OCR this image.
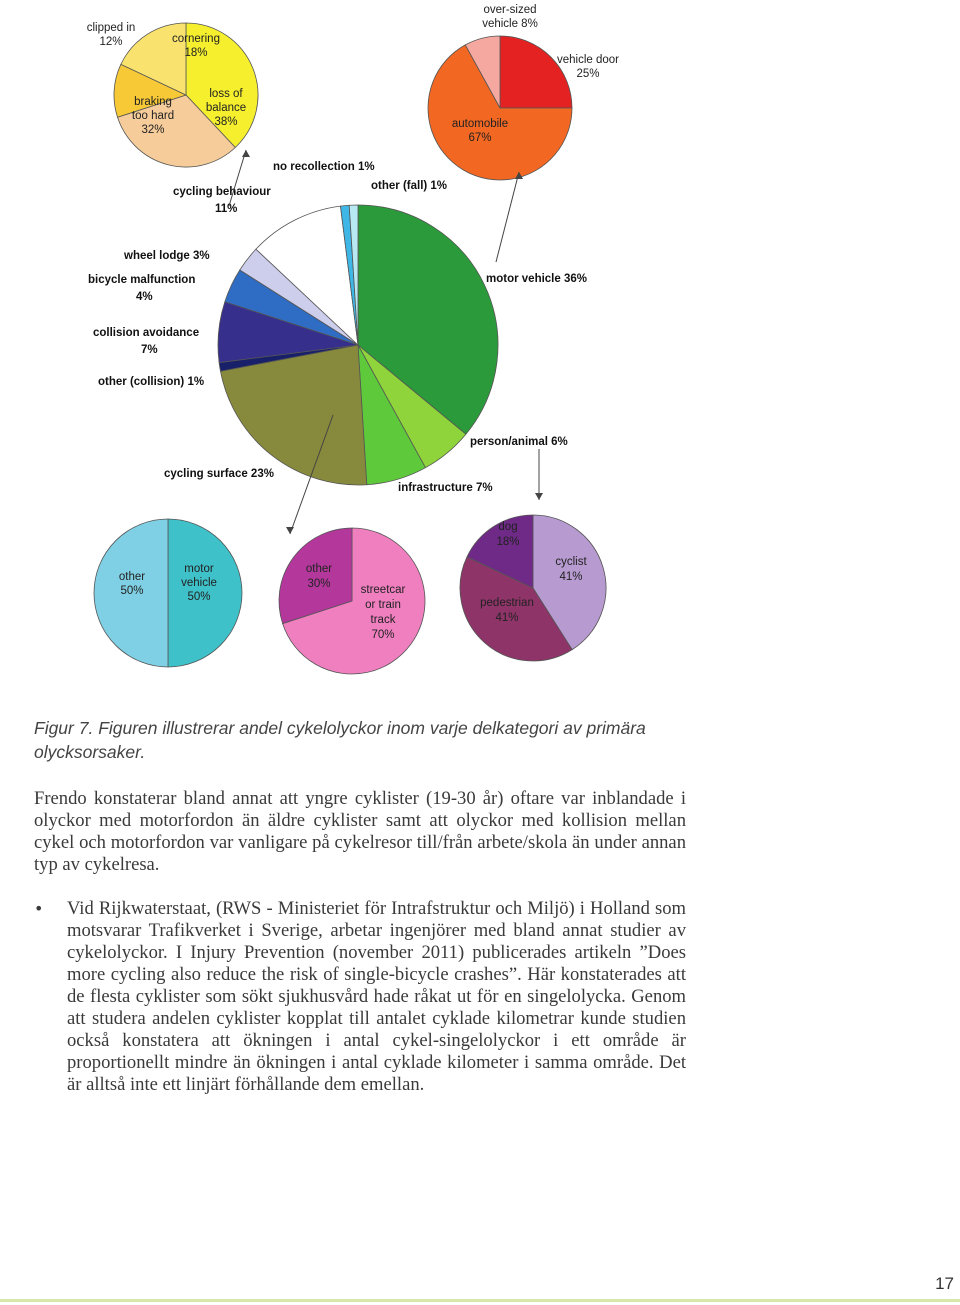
motor vehicle 36%
person/animal 6%
infrastructure 7%
cycling surface 23%
other (collision) 1%
collision avoidance 7%
bicycle malfunction 4%
wheel lodge 3%
cycling behaviour 11%
no recollection 1%
other (fall) 1%
loss of balance 38%
braking too hard 32%
clipped in 12%	cornering 18%
vehicle door 25%
automobile 67%
over-sized vehicle 8%
motor vehicle 50%
other 50%	streetcar or train track 70%
other 30%
cyclist 41%
pedestrian 41%
dog 18%

Figur 7. Figuren illustrerar andel cykelolyckor inom varje delkategori av primära olycksorsaker.

Frendo konstaterar bland annat att yngre cyklister (19-30 år) oftare var inblandade i olyckor med motorfordon än äldre cyklister samt att olyckor med kollision mellan cykel och motorfordon var vanligare på cykelresor till/från arbete/skola än under annan typ av cykelresa.

• Vid Rijkwaterstaat, (RWS - Ministeriet för Intrafstruktur och Miljö) i Holland som motsvarar Trafikverket i Sverige, arbetar ingenjörer med bland annat studier av cykelolyckor. I Injury Prevention (november 2011) publicerades artikeln ”Does more cycling also reduce the risk of single-bicycle crashes”. Här konstaterades att de flesta cyklister som sökt sjukhusvård hade råkat ut för en singelolycka. Genom att studera andelen cyklister kopplat till antalet cyklade kilometrar kunde studien också konstatera att ökningen i antal cykel-singelolyckor i ett område är proportionellt mindre än ökningen i antal cyklade kilometer i samma område. Det är alltså inte ett linjärt förhållande dem emellan.

17
